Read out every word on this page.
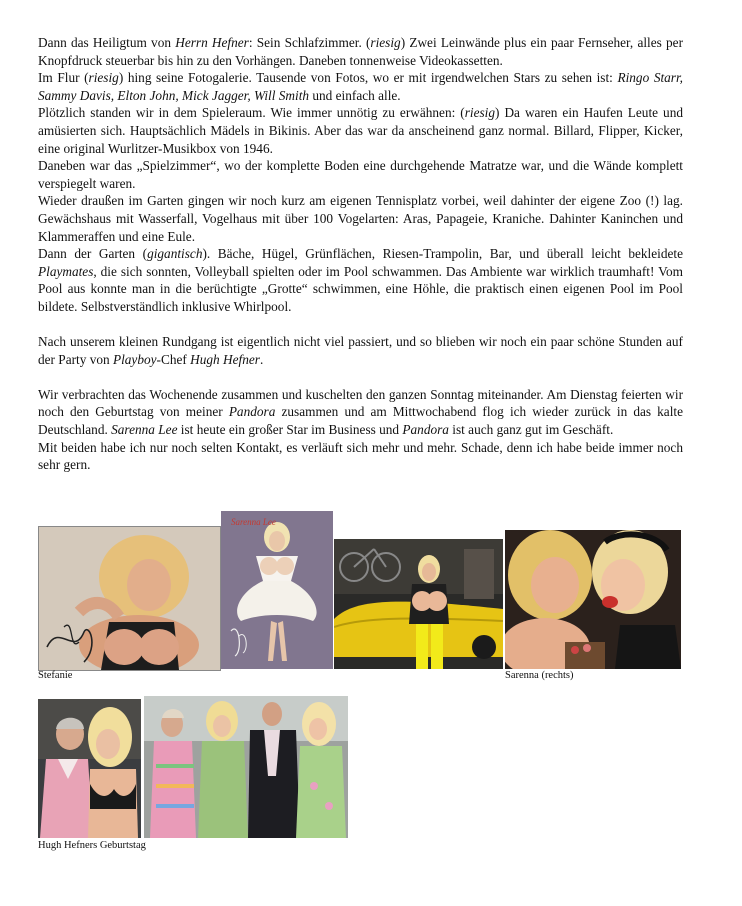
Dann das Heiligtum von Herrn Hefner: Sein Schlafzimmer. (riesig) Zwei Leinwände plus ein paar Fernseher, alles per Knopfdruck steuerbar bis hin zu den Vorhängen. Daneben tonnenweise Videokassetten.

Im Flur (riesig) hing seine Fotogalerie. Tausende von Fotos, wo er mit irgendwelchen Stars zu sehen ist: Ringo Starr, Sammy Davis, Elton John, Mick Jagger, Will Smith und einfach alle.

Plötzlich standen wir in dem Spieleraum. Wie immer unnötig zu erwähnen: (riesig) Da waren ein Haufen Leute und amüsierten sich. Hauptsächlich Mädels in Bikinis. Aber das war da anscheinend ganz normal. Billard, Flipper, Kicker, eine original Wurlitzer-Musikbox von 1946.

Daneben war das „Spielzimmer“, wo der komplette Boden eine durchgehende Matratze war, und die Wände komplett verspiegelt waren.

Wieder draußen im Garten gingen wir noch kurz am eigenen Tennisplatz vorbei, weil dahinter der eigene Zoo (!) lag. Gewächshaus mit Wasserfall, Vogelhaus mit über 100 Vogelarten: Aras, Papageie, Kraniche. Dahinter Kaninchen und Klammeraffen und eine Eule.

Dann der Garten (gigantisch). Bäche, Hügel, Grünflächen, Riesen-Trampolin, Bar, und überall leicht bekleidete Playmates, die sich sonnten, Volleyball spielten oder im Pool schwammen. Das Ambiente war wirklich traumhaft! Vom Pool aus konnte man in die berüchtigte „Grotte“ schwimmen, eine Höhle, die praktisch einen eigenen Pool im Pool bildete. Selbstverständlich inklusive Whirlpool.

Nach unserem kleinen Rundgang ist eigentlich nicht viel passiert, und so blieben wir noch ein paar schöne Stunden auf der Party von Playboy-Chef Hugh Hefner.

Wir verbrachten das Wochenende zusammen und kuschelten den ganzen Sonntag miteinander. Am Dienstag feierten wir noch den Geburtstag von meiner Pandora zusammen und am Mittwochabend flog ich wieder zurück in das kalte Deutschland. Sarenna Lee ist heute ein großer Star im Business und Pandora ist auch ganz gut im Geschäft.

Mit beiden habe ich nur noch selten Kontakt, es verläuft sich mehr und mehr. Schade, denn ich habe beide immer noch sehr gern.

Stefanie
Sarenna Lee
Sarenna (rechts)
Hugh Hefners Geburtstag
